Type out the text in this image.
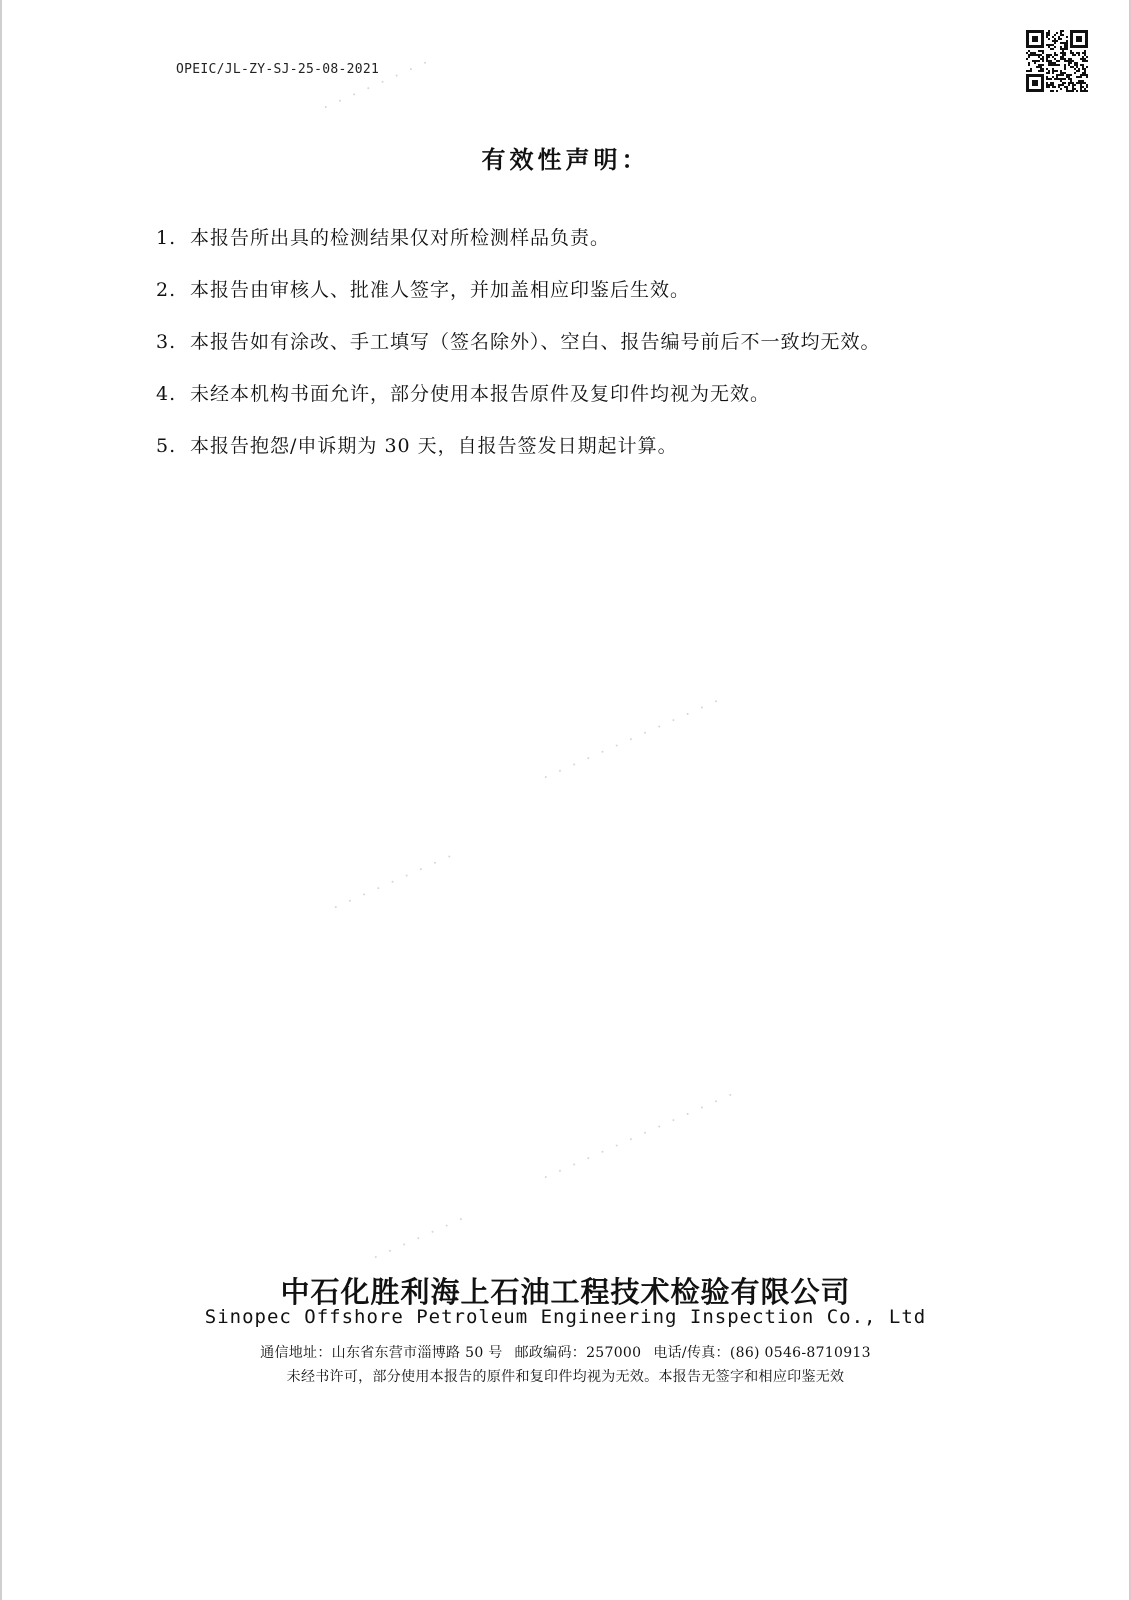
OPEIC/JL-ZY-SJ-25-08-2021
有效性声明：
1. 本报告所出具的检测结果仅对所检测样品负责。
2. 本报告由审核人、批准人签字，并加盖相应印鉴后生效。
3. 本报告如有涂改、手工填写（签名除外）、空白、报告编号前后不一致均无效。
4. 未经本机构书面允许，部分使用本报告原件及复印件均视为无效。
5. 本报告抱怨/申诉期为 30 天，自报告签发日期起计算。
· · · · · · · ·
· · · · · · · · · · · · ·
· · · · · · · · ·
· · · · · · · · · · · · · ·
· · · · · · ·
中石化胜利海上石油工程技术检验有限公司
Sinopec Offshore Petroleum Engineering Inspection Co., Ltd
通信地址：山东省东营市淄博路 50 号 邮政编码：257000 电话/传真：(86) 0546-8710913
未经书许可，部分使用本报告的原件和复印件均视为无效。本报告无签字和相应印鉴无效
